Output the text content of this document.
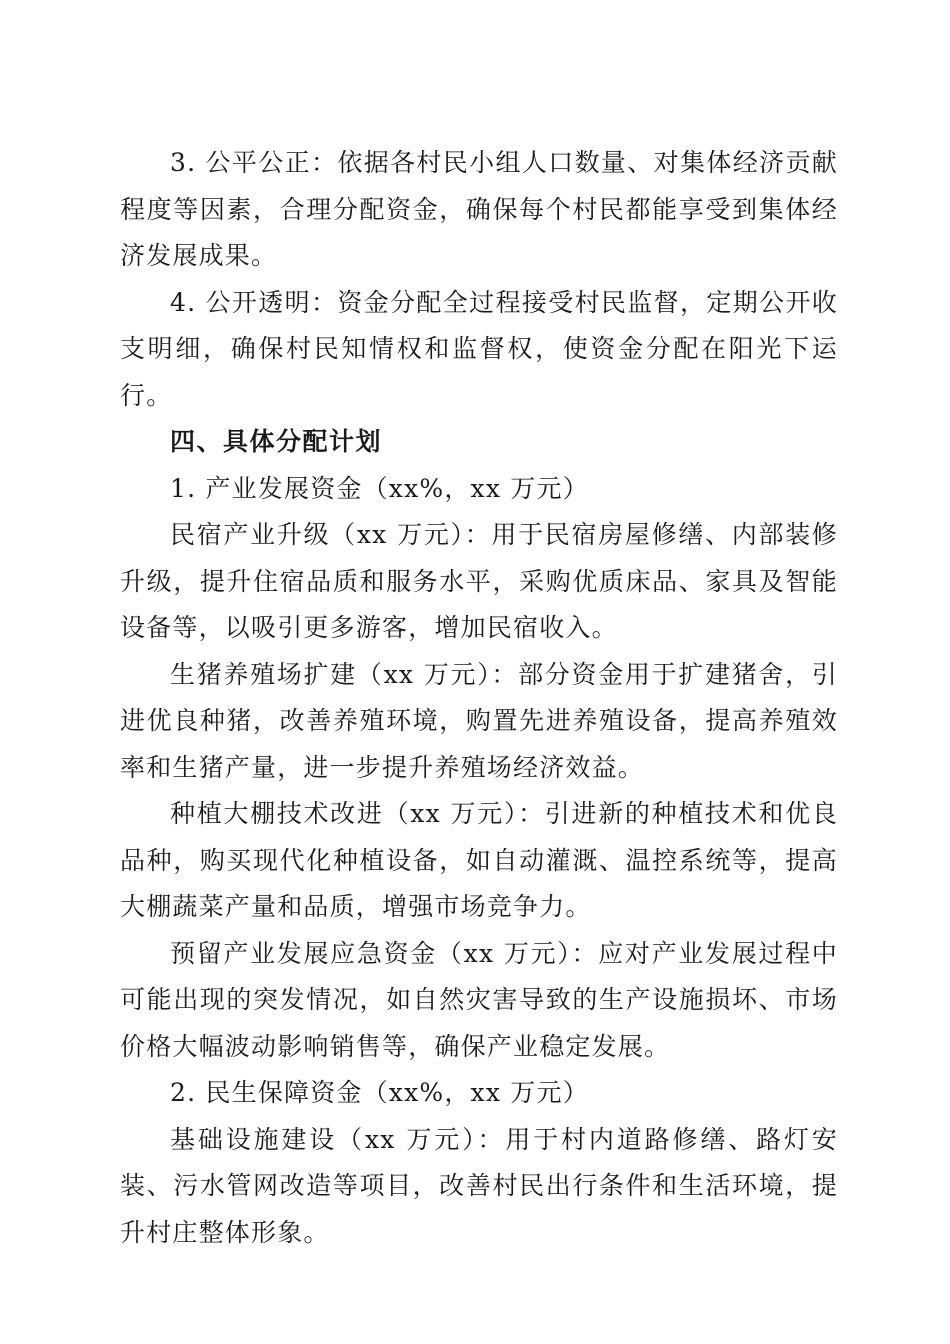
3. 公平公正：依据各村民小组人口数量、对集体经济贡献程度等因素，合理分配资金，确保每个村民都能享受到集体经济发展成果。

4. 公开透明：资金分配全过程接受村民监督，定期公开收支明细，确保村民知情权和监督权，使资金分配在阳光下运行。

四、具体分配计划

1. 产业发展资金（xx%，xx 万元）

民宿产业升级（xx 万元）：用于民宿房屋修缮、内部装修升级，提升住宿品质和服务水平，采购优质床品、家具及智能设备等，以吸引更多游客，增加民宿收入。

生猪养殖场扩建（xx 万元）：部分资金用于扩建猪舍，引进优良种猪，改善养殖环境，购置先进养殖设备，提高养殖效率和生猪产量，进一步提升养殖场经济效益。

种植大棚技术改进（xx 万元）：引进新的种植技术和优良品种，购买现代化种植设备，如自动灌溉、温控系统等，提高大棚蔬菜产量和品质，增强市场竞争力。

预留产业发展应急资金（xx 万元）：应对产业发展过程中可能出现的突发情况，如自然灾害导致的生产设施损坏、市场价格大幅波动影响销售等，确保产业稳定发展。

2. 民生保障资金（xx%，xx 万元）

基础设施建设（xx 万元）：用于村内道路修缮、路灯安装、污水管网改造等项目，改善村民出行条件和生活环境，提升村庄整体形象。
